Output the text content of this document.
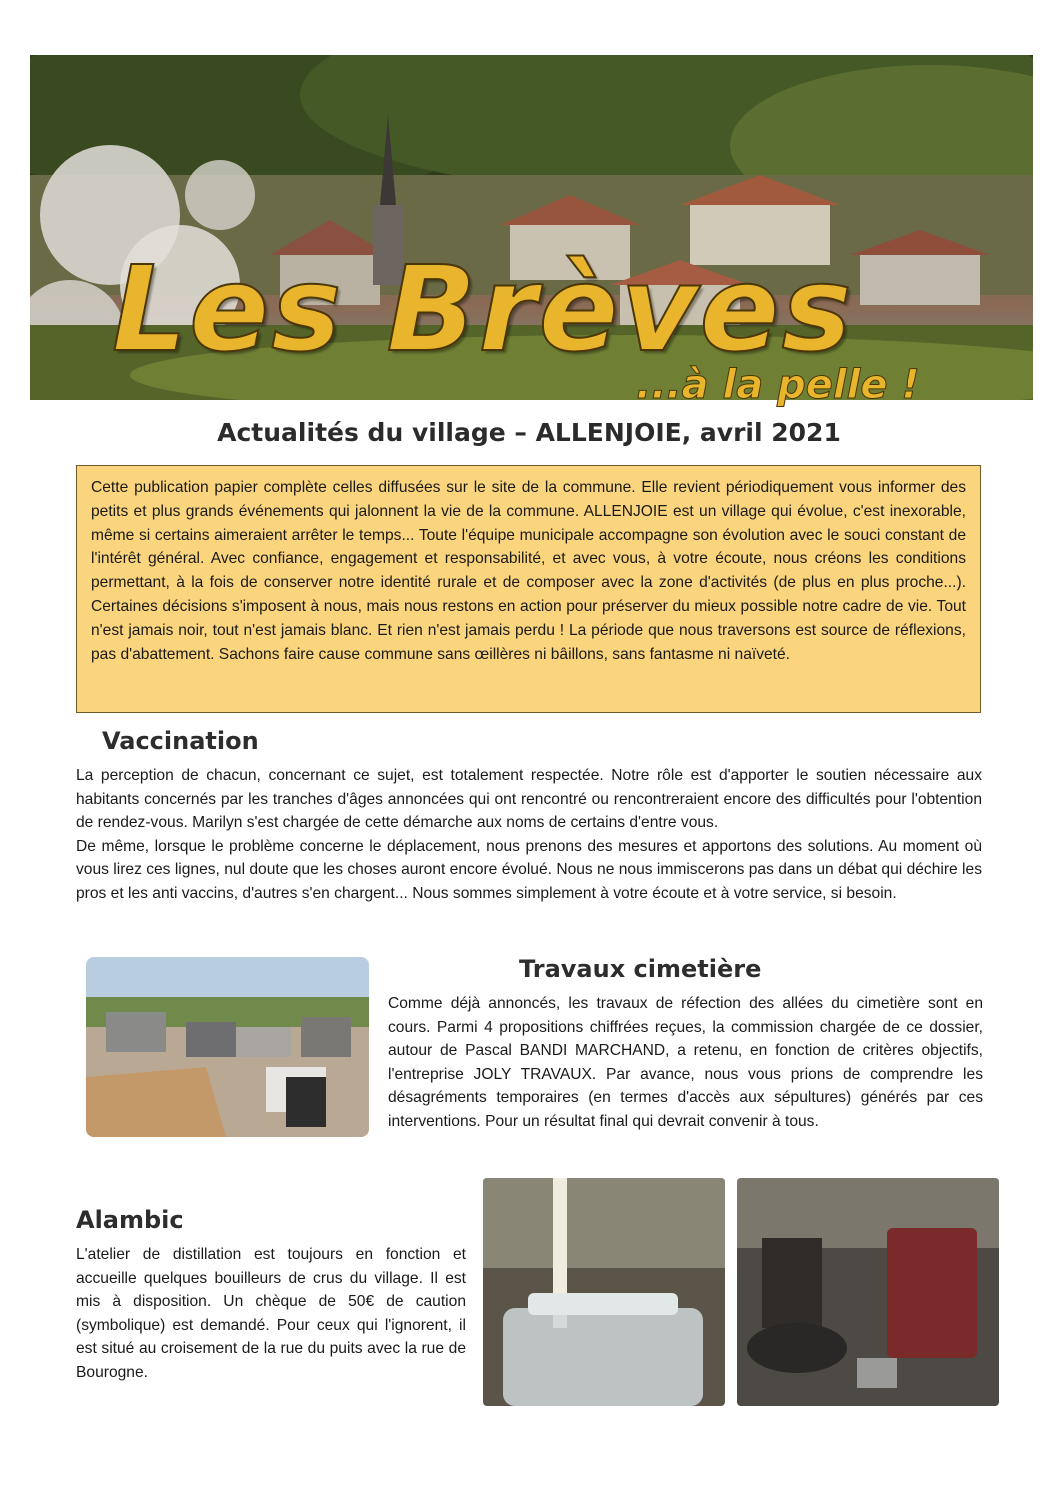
Les Brèves
...à la pelle !
Actualités du village – ALLENJOIE, avril 2021
Cette publication papier complète celles diffusées sur le site de la commune. Elle revient périodiquement vous informer des petits et plus grands événements qui jalonnent la vie de la commune. ALLENJOIE est un village qui évolue, c'est inexorable, même si certains aimeraient arrêter le temps... Toute l'équipe municipale accompagne son évolution avec le souci constant de l'intérêt général. Avec confiance, engagement et responsabilité, et avec vous, à votre écoute, nous créons les conditions permettant, à la fois de conserver notre identité rurale et de composer avec la zone d'activités (de plus en plus proche...). Certaines décisions s'imposent à nous, mais nous restons en action pour préserver du mieux possible notre cadre de vie. Tout n'est jamais noir, tout n'est jamais blanc. Et rien n'est jamais perdu ! La période que nous traversons est source de réflexions, pas d'abattement. Sachons faire cause commune sans œillères ni bâillons, sans fantasme ni naïveté.
Vaccination

La perception de chacun, concernant ce sujet, est totalement respectée. Notre rôle est d'apporter le soutien nécessaire aux habitants concernés par les tranches d'âges annoncées qui ont rencontré ou rencontreraient encore des difficultés pour l'obtention de rendez-vous. Marilyn s'est chargée de cette démarche aux noms de certains d'entre vous.

De même, lorsque le problème concerne le déplacement, nous prenons des mesures et apportons des solutions. Au moment où vous lirez ces lignes, nul doute que les choses auront encore évolué. Nous ne nous immiscerons pas dans un débat qui déchire les pros et les anti vaccins, d'autres s'en chargent... Nous sommes simplement à votre écoute et à votre service, si besoin.

Travaux cimetière
Comme déjà annoncés, les travaux de réfection des allées du cimetière sont en cours. Parmi 4 propositions chiffrées reçues, la commission chargée de ce dossier, autour de Pascal BANDI MARCHAND, a retenu, en fonction de critères objectifs, l'entreprise JOLY TRAVAUX. Par avance, nous vous prions de comprendre les désagréments temporaires (en termes d'accès aux sépultures) générés par ces interventions. Pour un résultat final qui devrait convenir à tous.
Alambic
L'atelier de distillation est toujours en fonction et accueille quelques bouilleurs de crus du village. Il est mis à disposition. Un chèque de 50€ de caution (symbolique) est demandé. Pour ceux qui l'ignorent, il est situé au croisement de la rue du puits avec la rue de Bourogne.
